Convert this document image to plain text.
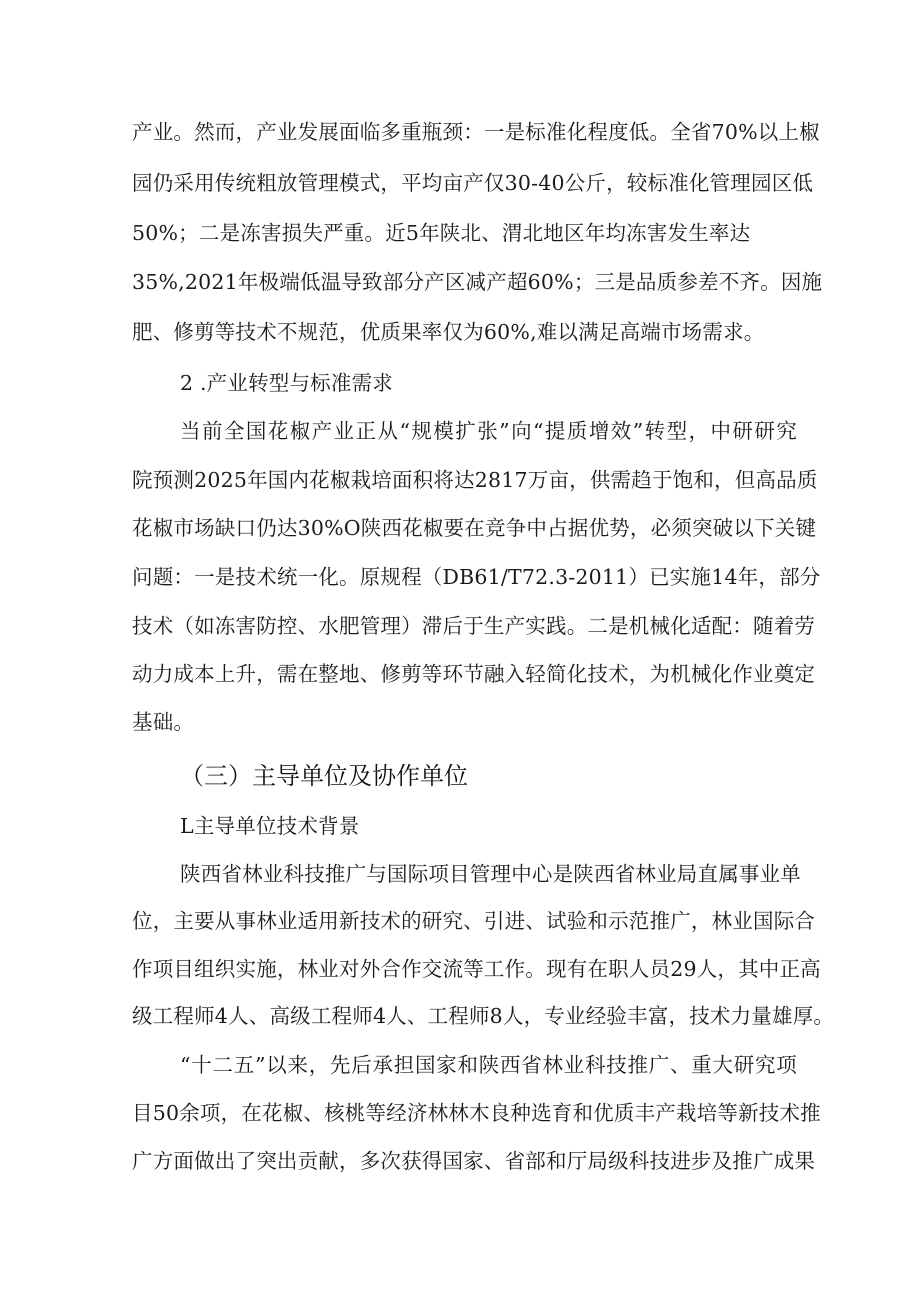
产业。然而，产业发展面临多重瓶颈：一是标准化程度低。全省70%以上椒
园仍采用传统粗放管理模式，平均亩产仅30-40公斤，较标准化管理园区低
50%；二是冻害损失严重。近5年陕北、渭北地区年均冻害发生率达
35%,2021年极端低温导致部分产区减产超60%；三是品质参差不齐。因施
肥、修剪等技术不规范，优质果率仅为60%,难以满足高端市场需求。
2 .产业转型与标准需求
当前全国花椒产业正从“规模扩张”向“提质增效”转型，中研研究
院预测2025年国内花椒栽培面积将达2817万亩，供需趋于饱和，但高品质
花椒市场缺口仍达30%O陕西花椒要在竞争中占据优势，必须突破以下关键
问题：一是技术统一化。原规程（DB61/T72.3-2011）已实施14年，部分
技术（如冻害防控、水肥管理）滞后于生产实践。二是机械化适配：随着劳
动力成本上升，需在整地、修剪等环节融入轻简化技术，为机械化作业奠定
基础。
（三）主导单位及协作单位
L主导单位技术背景
陕西省林业科技推广与国际项目管理中心是陕西省林业局直属事业单
位，主要从事林业适用新技术的研究、引进、试验和示范推广，林业国际合
作项目组织实施，林业对外合作交流等工作。现有在职人员29人，其中正高
级工程师4人、高级工程师4人、工程师8人，专业经验丰富，技术力量雄厚。
“十二五”以来，先后承担国家和陕西省林业科技推广、重大研究项
目50余项，在花椒、核桃等经济林林木良种选育和优质丰产栽培等新技术推
广方面做出了突出贡献，多次获得国家、省部和厅局级科技进步及推广成果
